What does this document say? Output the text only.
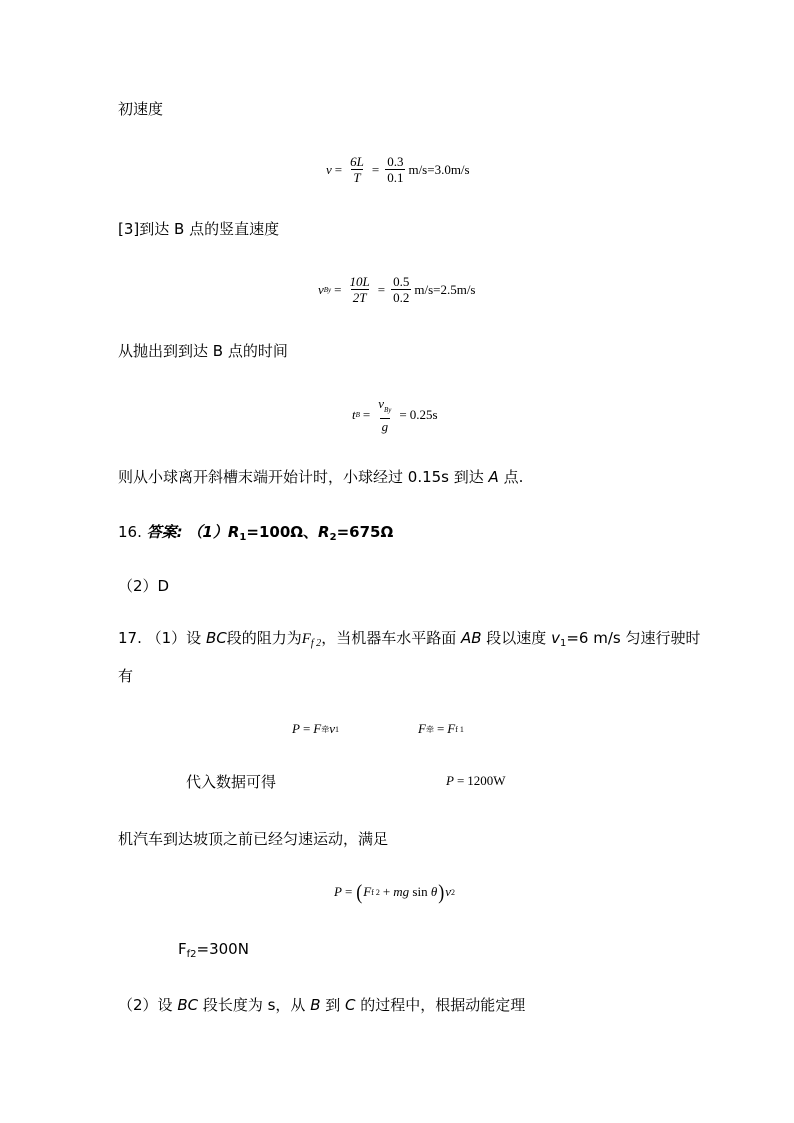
初速度
$v = \frac{6L}{T} = \frac{0.3}{0.1} m/s=3.0m/s$
[3]到达 B 点的竖直速度
v $By = \frac{10L}{2T} = \frac{0.5}{0.2} m/s=2.5m/s$
从抛出到到达 B 点的时间
t $B = \frac{v_{By}}{g} = 0.25s$
则从小球离开斜槽末端开始计时，小球经过 0.15s 到达 A 点.
16. 答案: $(1)R_1=100\Omega$、$R_2=675\Omega$
（2）D
17. （1）设 BC段的阻力为$F_{f 2}$，当机器车水平路面 AB 段以速度 $v_1=6$ m/s 匀速行驶时
有
P = F 牵 v 1	F 牵 = F f 1
代入数据可得	P = 1200W
机汽车到达坡顶之前已经匀速运动，满足
P = ( F f 2 + mg sin θ ) v 2
$F_{f2}=300N$
（2）设 BC 段长度为 s，从 B 到 C 的过程中，根据动能定理
